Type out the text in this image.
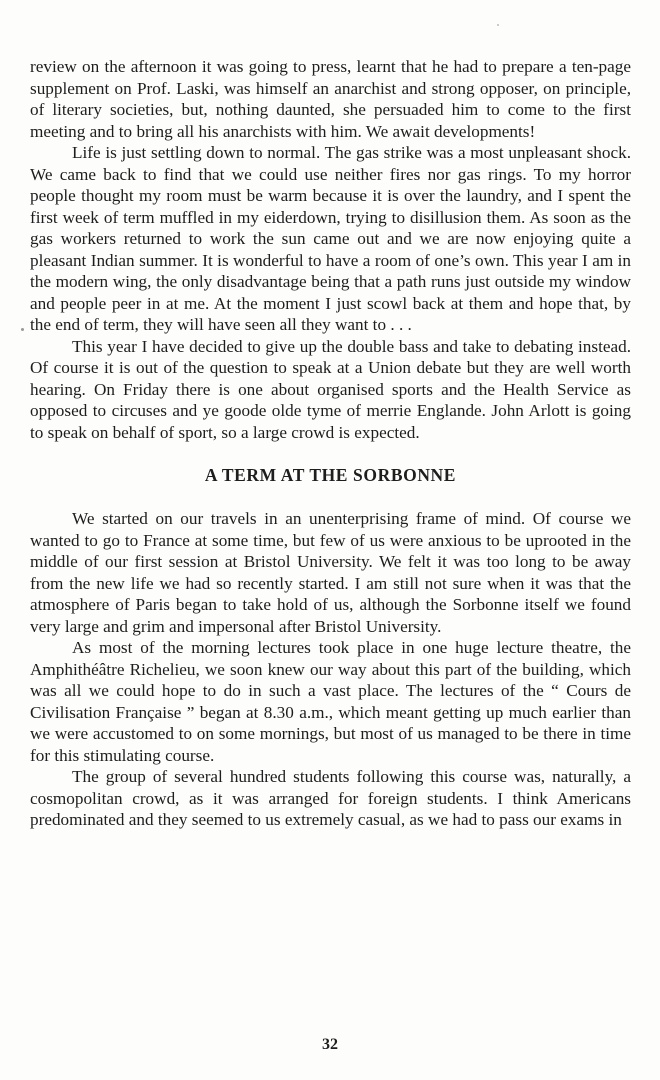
review on the afternoon it was going to press, learnt that he had to prepare a ten-page supplement on Prof. Laski, was himself an anarchist and strong opposer, on principle, of literary societies, but, nothing daunted, she persuaded him to come to the first meeting and to bring all his anarchists with him. We await developments!

Life is just settling down to normal. The gas strike was a most unpleasant shock. We came back to find that we could use neither fires nor gas rings. To my horror people thought my room must be warm because it is over the laundry, and I spent the first week of term muffled in my eiderdown, trying to disillusion them. As soon as the gas workers returned to work the sun came out and we are now enjoying quite a pleasant Indian summer. It is wonderful to have a room of one’s own. This year I am in the modern wing, the only disadvantage being that a path runs just outside my window and people peer in at me. At the moment I just scowl back at them and hope that, by the end of term, they will have seen all they want to . . .

This year I have decided to give up the double bass and take to debating instead. Of course it is out of the question to speak at a Union debate but they are well worth hearing. On Friday there is one about organised sports and the Health Service as opposed to circuses and ye goode olde tyme of merrie Englande. John Arlott is going to speak on behalf of sport, so a large crowd is expected.

A TERM AT THE SORBONNE

We started on our travels in an unenterprising frame of mind. Of course we wanted to go to France at some time, but few of us were anxious to be uprooted in the middle of our first session at Bristol University. We felt it was too long to be away from the new life we had so recently started. I am still not sure when it was that the atmosphere of Paris began to take hold of us, although the Sorbonne itself we found very large and grim and impersonal after Bristol University.

As most of the morning lectures took place in one huge lecture theatre, the Amphithéâtre Richelieu, we soon knew our way about this part of the building, which was all we could hope to do in such a vast place. The lectures of the “ Cours de Civilisation Française ” began at 8.30 a.m., which meant getting up much earlier than we were accustomed to on some mornings, but most of us managed to be there in time for this stimulating course.

The group of several hundred students following this course was, naturally, a cosmopolitan crowd, as it was arranged for foreign students. I think Americans predominated and they seemed to us extremely casual, as we had to pass our exams in

32
